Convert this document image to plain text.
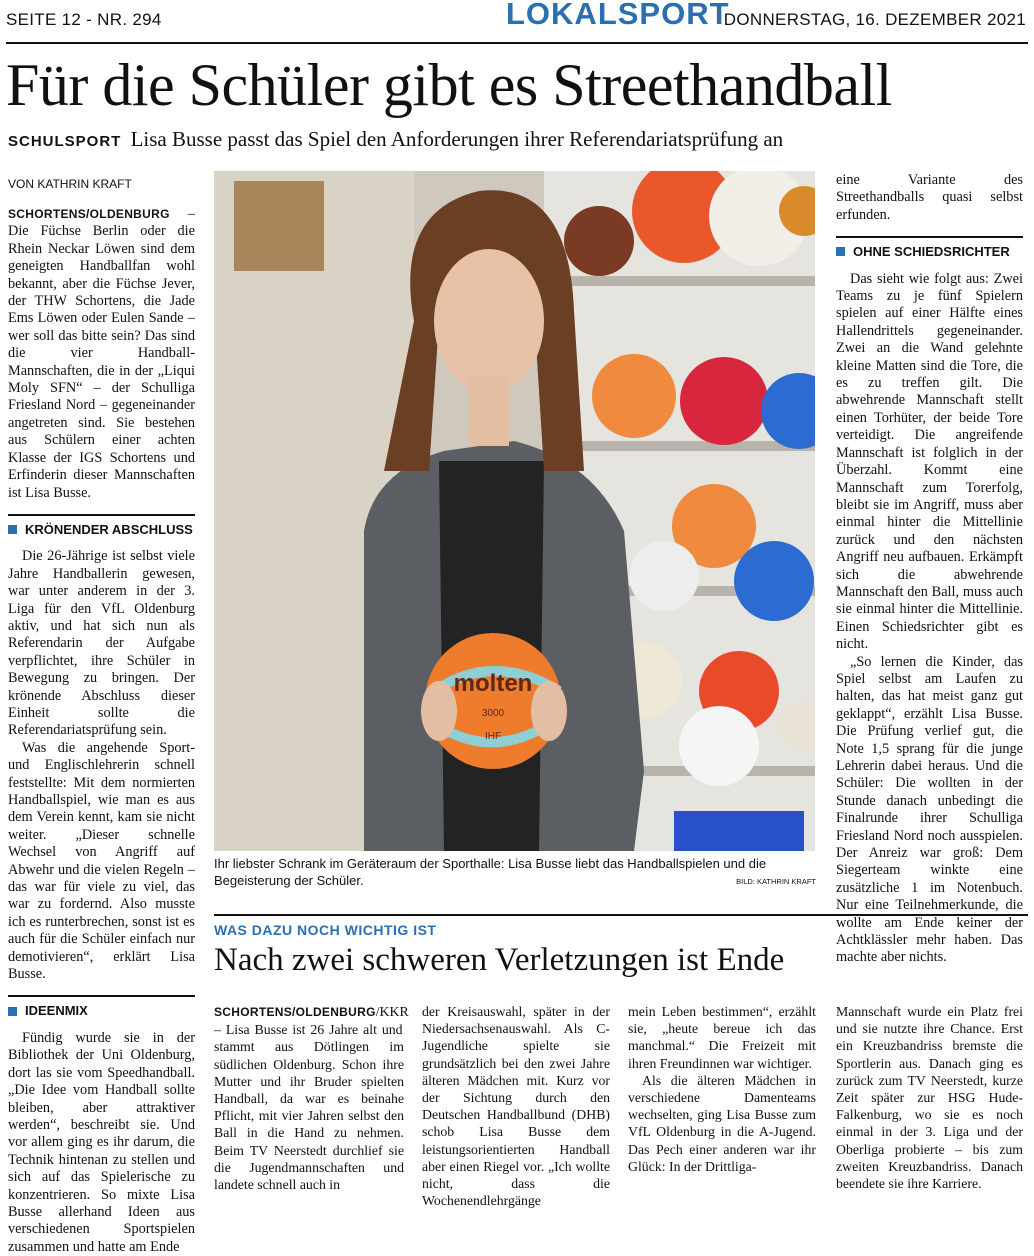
SEITE 12 - NR. 294	LOKALSPORT
DONNERSTAG, 16. DEZEMBER 2021
Für die Schüler gibt es Streethandball
SCHULSPORT Lisa Busse passt das Spiel den Anforderungen ihrer Referendariatsprüfung an
VON KATHRIN KRAFT

SCHORTENS/OLDENBURG – Die Füchse Berlin oder die Rhein Neckar Löwen sind dem geneigten Handballfan wohl bekannt, aber die Füchse Jever, der THW Schortens, die Jade Ems Löwen oder Eulen Sande – wer soll das bitte sein? Das sind die vier Handball-Mannschaften, die in der „Liqui Moly SFN“ – der Schulliga Friesland Nord – gegeneinander angetreten sind. Sie bestehen aus Schülern einer achten Klasse der IGS Schortens und Erfinderin dieser Mannschaften ist Lisa Busse.

KRÖNENDER ABSCHLUSS

Die 26-Jährige ist selbst viele Jahre Handballerin gewesen, war unter anderem in der 3. Liga für den VfL Oldenburg aktiv, und hat sich nun als Referendarin der Aufgabe verpflichtet, ihre Schüler in Bewegung zu bringen. Der krönende Abschluss dieser Einheit sollte die Referendariatsprüfung sein.

Was die angehende Sport- und Englischlehrerin schnell feststellte: Mit dem normierten Handballspiel, wie man es aus dem Verein kennt, kam sie nicht weiter. „Dieser schnelle Wechsel von Angriff auf Abwehr und die vielen Regeln – das war für viele zu viel, das war zu fordernd. Also musste ich es runterbrechen, sonst ist es auch für die Schüler einfach nur demotivieren“, erklärt Lisa Busse.

IDEENMIX

Fündig wurde sie in der Bibliothek der Uni Oldenburg, dort las sie vom Speedhandball. „Die Idee vom Handball sollte bleiben, aber attraktiver werden“, beschreibt sie. Und vor allem ging es ihr darum, die Technik hintenan zu stellen und sich auf das Spielerische zu konzentrieren. So mixte Lisa Busse allerhand Ideen aus verschiedenen Sportspielen zusammen und hatte am Ende

molten
3000
IHF
Ihr liebster Schrank im Geräteraum der Sporthalle: Lisa Busse liebt das Handballspielen und die Begeisterung der Schüler.	BILD: KATHRIN KRAFT

eine Variante des Streethandballs quasi selbst erfunden.

OHNE SCHIEDSRICHTER

Das sieht wie folgt aus: Zwei Teams zu je fünf Spielern spielen auf einer Hälfte eines Hallendrittels gegeneinander. Zwei an die Wand gelehnte kleine Matten sind die Tore, die es zu treffen gilt. Die abwehrende Mannschaft stellt einen Torhüter, der beide Tore verteidigt. Die angreifende Mannschaft ist folglich in der Überzahl. Kommt eine Mannschaft zum Torerfolg, bleibt sie im Angriff, muss aber einmal hinter die Mittellinie zurück und den nächsten Angriff neu aufbauen. Erkämpft sich die abwehrende Mannschaft den Ball, muss auch sie einmal hinter die Mittellinie. Einen Schiedsrichter gibt es nicht.

„So lernen die Kinder, das Spiel selbst am Laufen zu halten, das hat meist ganz gut geklappt“, erzählt Lisa Busse. Die Prüfung verlief gut, die Note 1,5 sprang für die junge Lehrerin dabei heraus. Und die Schüler: Die wollten in der Stunde danach unbedingt die Finalrunde ihrer Schulliga Friesland Nord noch ausspielen. Der Anreiz war groß: Dem Siegerteam winkte eine zusätzliche 1 im Notenbuch. Nur eine Teilnehmerkunde, die wollte am Ende keiner der Achtklässler mehr haben. Das machte aber nichts.

WAS DAZU NOCH WICHTIG IST
Nach zwei schweren Verletzungen ist Ende

SCHORTENS/OLDENBURG/KKR – Lisa Busse ist 26 Jahre alt und stammt aus Dötlingen im südlichen Oldenburg. Schon ihre Mutter und ihr Bruder spielten Handball, da war es beinahe Pflicht, mit vier Jahren selbst den Ball in die Hand zu nehmen. Beim TV Neerstedt durchlief sie die Jugendmannschaften und landete schnell auch in

der Kreisauswahl, später in der Niedersachsenauswahl. Als C-Jugendliche spielte sie grundsätzlich bei den zwei Jahre älteren Mädchen mit. Kurz vor der Sichtung durch den Deutschen Handballbund (DHB) schob Lisa Busse dem leistungsorientierten Handball aber einen Riegel vor. „Ich wollte nicht, dass die Wochenendlehrgänge

mein Leben bestimmen“, erzählt sie, „heute bereue ich das manchmal.“ Die Freizeit mit ihren Freundinnen war wichtiger.

Als die älteren Mädchen in verschiedene Damenteams wechselten, ging Lisa Busse zum VfL Oldenburg in die A-Jugend. Das Pech einer anderen war ihr Glück: In der Drittliga-

Mannschaft wurde ein Platz frei und sie nutzte ihre Chance. Erst ein Kreuzbandriss bremste die Sportlerin aus. Danach ging es zurück zum TV Neerstedt, kurze Zeit später zur HSG Hude-Falkenburg, wo sie es noch einmal in der 3. Liga und der Oberliga probierte – bis zum zweiten Kreuzbandriss. Danach beendete sie ihre Karriere.
